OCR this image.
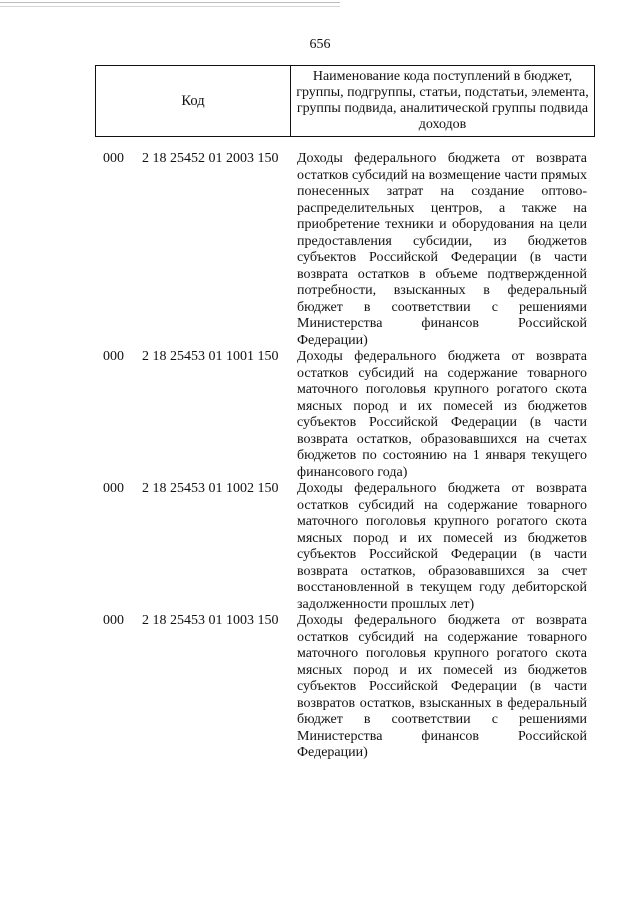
656
Код
Наименование кода поступлений в бюджет, группы, подгруппы, статьи, подстатьи, элемента, группы подвида, аналитической группы подвида доходов
000 2 18 25452 01 2003 150 Доходы федерального бюджета от возврата остатков субсидий на возмещение части прямых понесенных затрат на создание оптово-распределительных центров, а также на приобретение техники и оборудования на цели предоставления субсидии, из бюджетов субъектов Российской Федерации (в части возврата остатков в объеме подтвержденной потребности, взысканных в федеральный бюджет в соответствии с решениями Министерства финансов Российской Федерации)
000 2 18 25453 01 1001 150 Доходы федерального бюджета от возврата остатков субсидий на содержание товарного маточного поголовья крупного рогатого скота мясных пород и их помесей из бюджетов субъектов Российской Федерации (в части возврата остатков, образовавшихся на счетах бюджетов по состоянию на 1 января текущего финансового года)
000 2 18 25453 01 1002 150 Доходы федерального бюджета от возврата остатков субсидий на содержание товарного маточного поголовья крупного рогатого скота мясных пород и их помесей из бюджетов субъектов Российской Федерации (в части возврата остатков, образовавшихся за счет восстановленной в текущем году дебиторской задолженности прошлых лет)
000 2 18 25453 01 1003 150 Доходы федерального бюджета от возврата остатков субсидий на содержание товарного маточного поголовья крупного рогатого скота мясных пород и их помесей из бюджетов субъектов Российской Федерации (в части возвратов остатков, взысканных в федеральный бюджет в соответствии с решениями Министерства финансов Российской Федерации)
